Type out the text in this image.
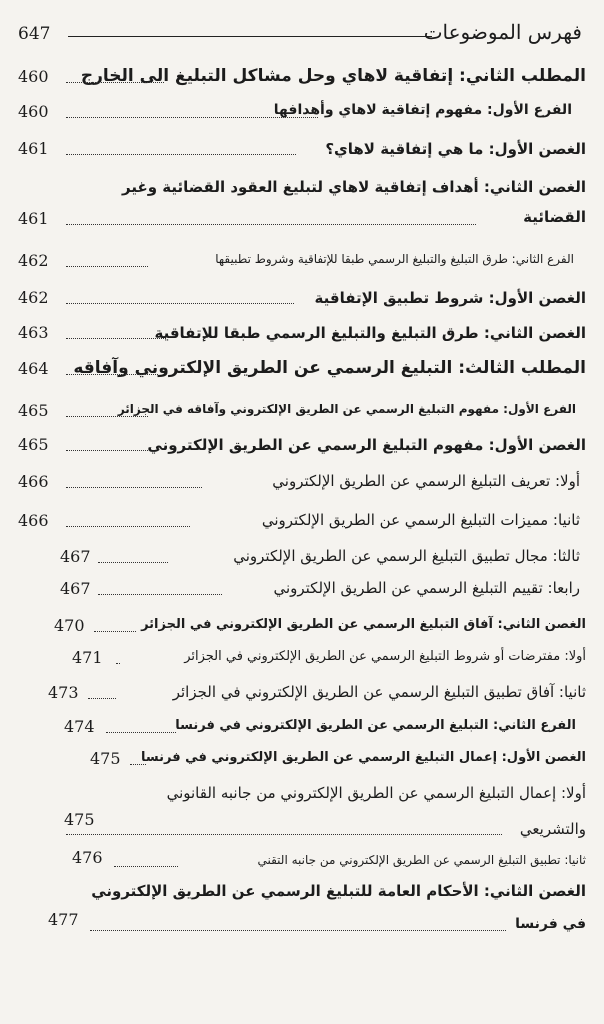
647	فهرس الموضوعات
المطلب الثاني: إتفاقية لاهاي وحل مشاكل التبليغ الى الخارج
460
الفرع الأول: مفهوم إتفاقية لاهاي وأهدافها
460
الغصن الأول: ما هي إتفاقية لاهاي؟
461
الغصن الثاني: أهداف إتفاقية لاهاي لتبليغ العقود القضائية وغير
القضائية
461
الفرع الثاني: طرق التبليغ والتبليغ الرسمي طبقا للإتفاقية وشروط تطبيقها
462
الغصن الأول: شروط تطبيق الإتفاقية
462
الغصن الثاني: طرق التبليغ والتبليغ الرسمي طبقا للإتفاقية
463
المطلب الثالث: التبليغ الرسمي عن الطريق الإلكتروني وآفاقه
464
الفرع الأول: مفهوم التبليغ الرسمي عن الطريق الإلكتروني وآفاقه في الجزائر
465
الغصن الأول: مفهوم التبليغ الرسمي عن الطريق الإلكتروني
465
أولا: تعريف التبليغ الرسمي عن الطريق الإلكتروني
466
ثانيا: مميزات التبليغ الرسمي عن الطريق الإلكتروني
466
ثالثا: مجال تطبيق التبليغ الرسمي عن الطريق الإلكتروني
467
رابعا: تقييم التبليغ الرسمي عن الطريق الإلكتروني
467
الغصن الثاني: آفاق التبليغ الرسمي عن الطريق الإلكتروني في الجزائر
470
أولا: مفترضات أو شروط التبليغ الرسمي عن الطريق الإلكتروني في الجزائر
471
ثانيا: آفاق تطبيق التبليغ الرسمي عن الطريق الإلكتروني في الجزائر
473
الفرع الثاني: التبليغ الرسمي عن الطريق الإلكتروني في فرنسا
474
الغصن الأول: إعمال التبليغ الرسمي عن الطريق الإلكتروني في فرنسا
475
أولا: إعمال التبليغ الرسمي عن الطريق الإلكتروني من جانبه القانوني
والتشريعي
475
ثانيا: تطبيق التبليغ الرسمي عن الطريق الإلكتروني من جانبه التقني
476
الغصن الثاني: الأحكام العامة للتبليغ الرسمي عن الطريق الإلكتروني
في فرنسا
477
